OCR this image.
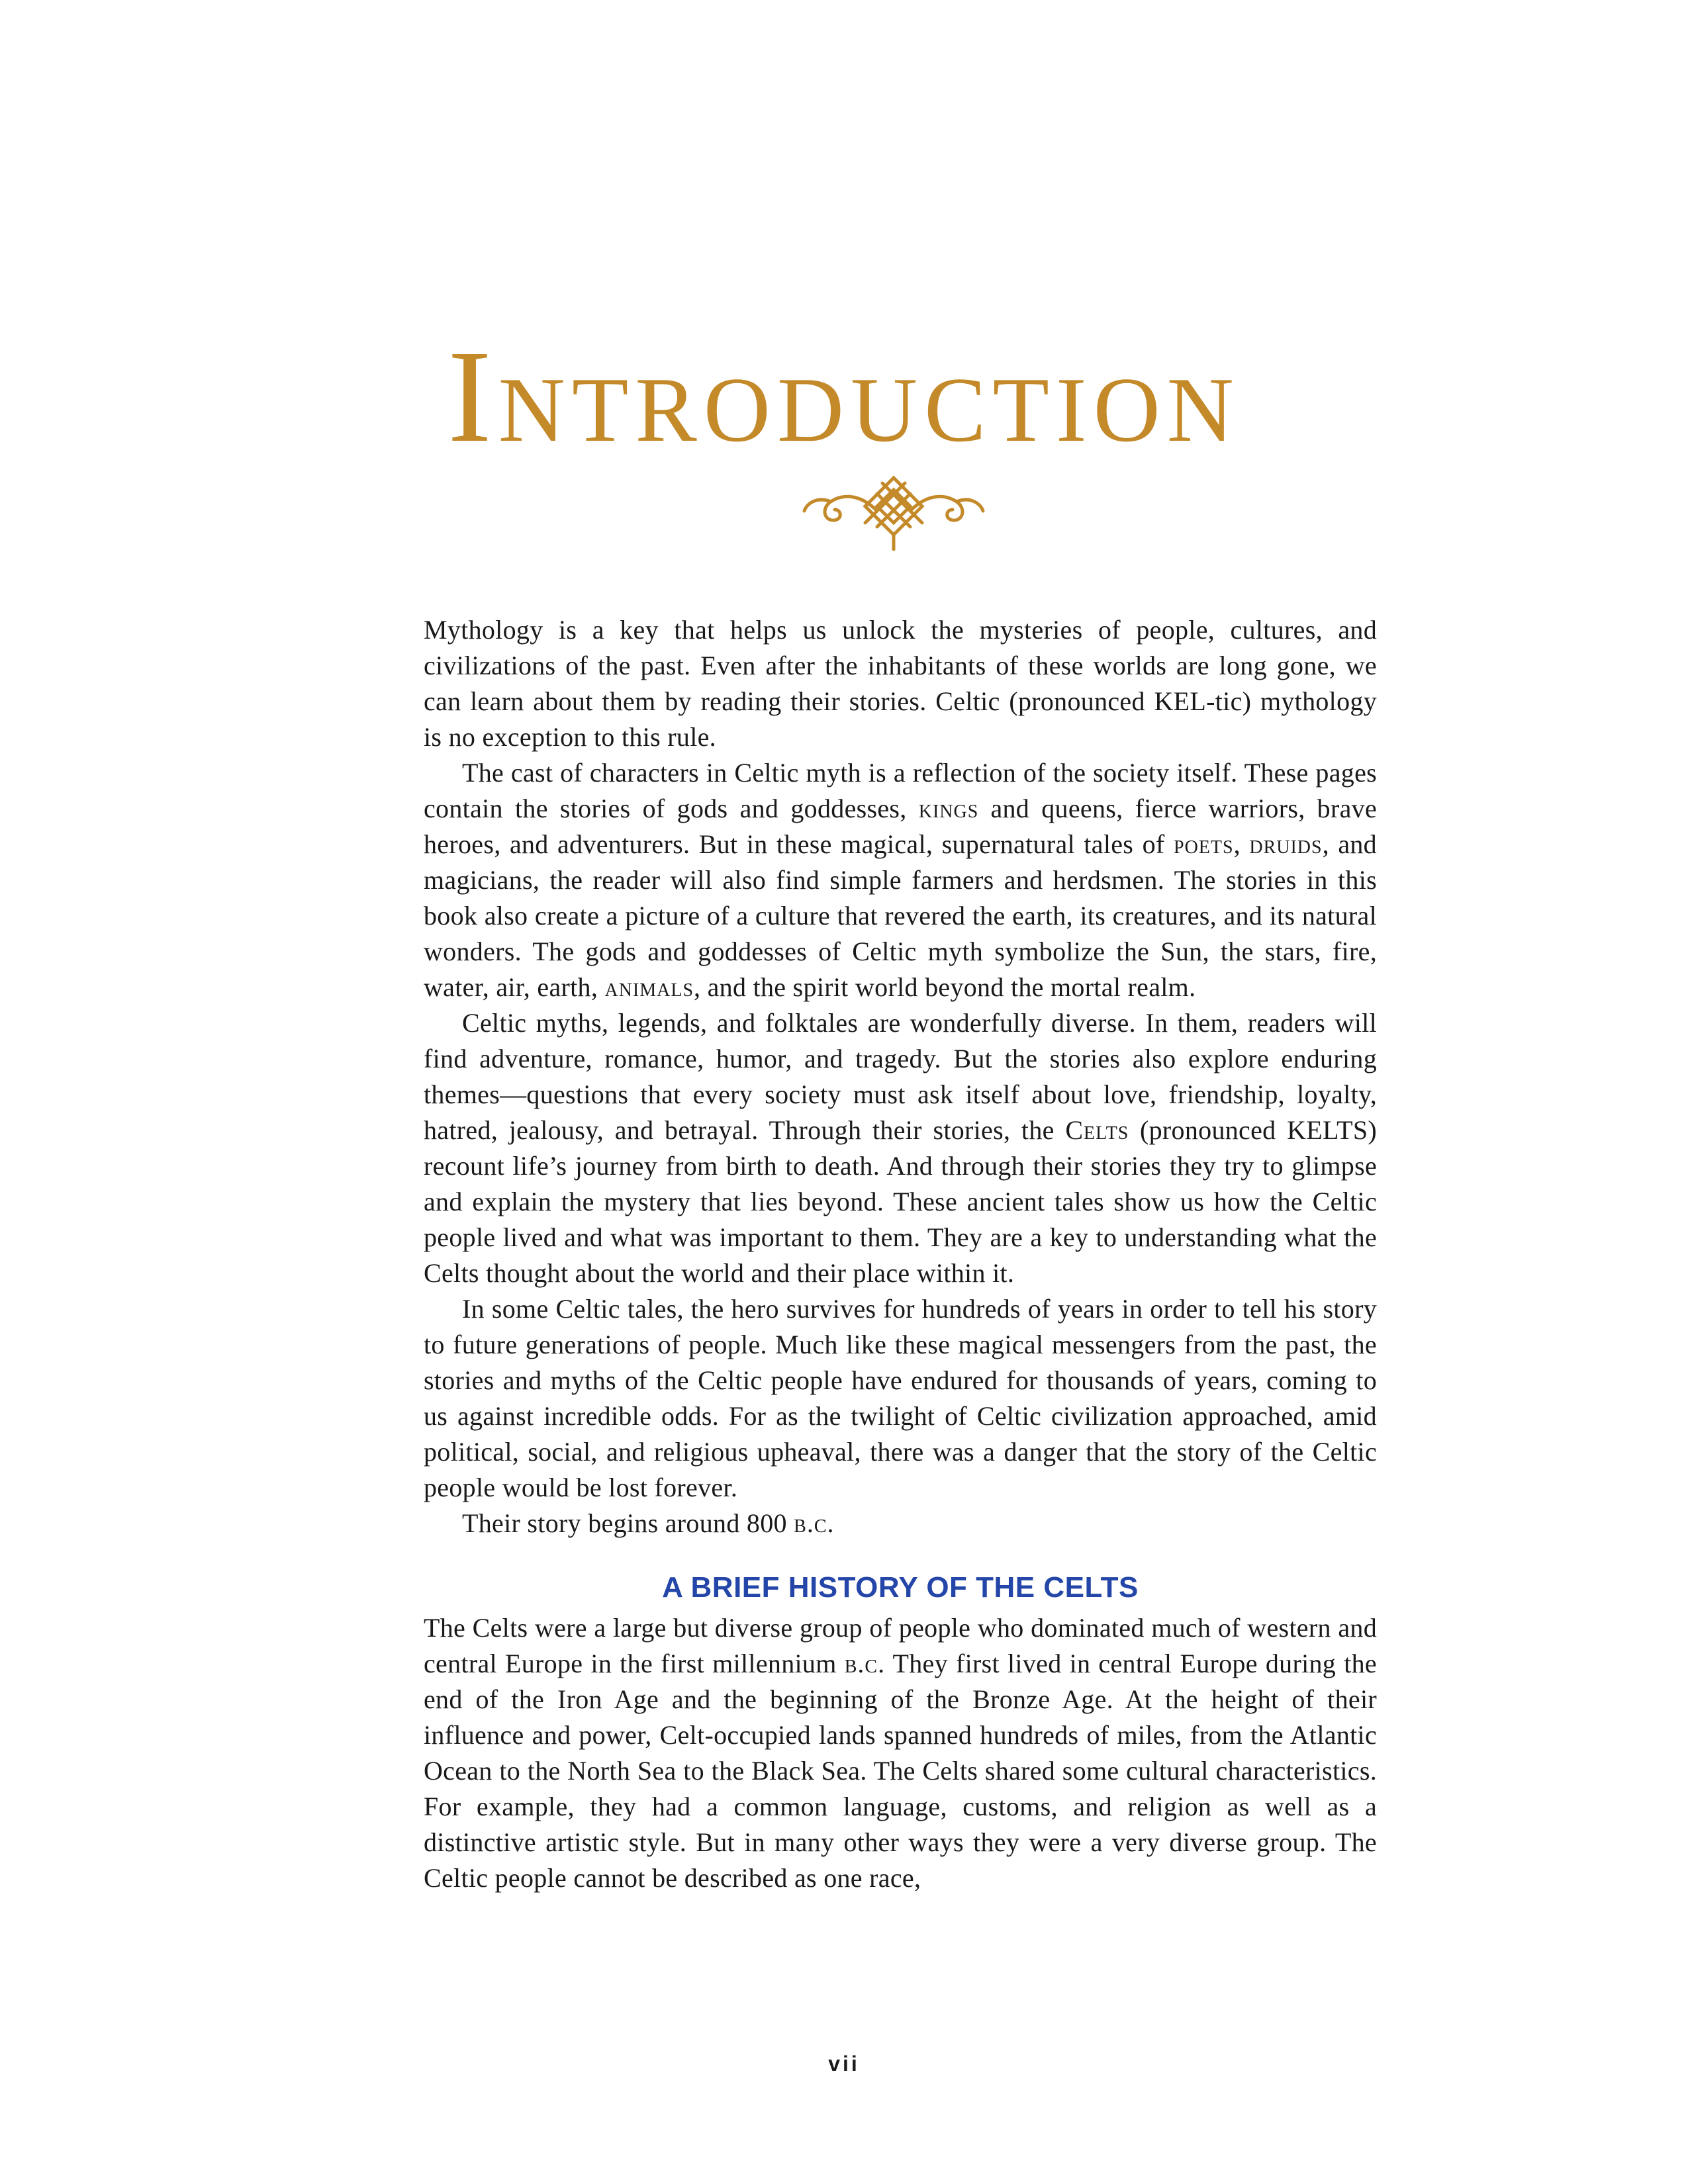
Introduction

Mythology is a key that helps us unlock the mysteries of people, cultures, and civilizations of the past. Even after the inhabitants of these worlds are long gone, we can learn about them by reading their stories. Celtic (pronounced KEL-tic) mythology is no exception to this rule.

The cast of characters in Celtic myth is a reflection of the society itself. These pages contain the stories of gods and goddesses, kings and queens, fierce warriors, brave heroes, and adventurers. But in these magical, supernatural tales of poets, druids, and magicians, the reader will also find simple farmers and herdsmen. The stories in this book also create a picture of a culture that revered the earth, its creatures, and its natural wonders. The gods and goddesses of Celtic myth symbolize the Sun, the stars, fire, water, air, earth, animals, and the spirit world beyond the mortal realm.

Celtic myths, legends, and folktales are wonderfully diverse. In them, readers will find adventure, romance, humor, and tragedy. But the stories also explore enduring themes—questions that every society must ask itself about love, friendship, loyalty, hatred, jealousy, and betrayal. Through their stories, the Celts (pronounced KELTS) recount life’s journey from birth to death. And through their stories they try to glimpse and explain the mystery that lies beyond. These ancient tales show us how the Celtic people lived and what was important to them. They are a key to understanding what the Celts thought about the world and their place within it.

In some Celtic tales, the hero survives for hundreds of years in order to tell his story to future generations of people. Much like these magical messengers from the past, the stories and myths of the Celtic people have endured for thousands of years, coming to us against incredible odds. For as the twilight of Celtic civilization approached, amid political, social, and religious upheaval, there was a danger that the story of the Celtic people would be lost forever.

Their story begins around 800 b.c.

A BRIEF HISTORY OF THE CELTS

The Celts were a large but diverse group of people who dominated much of western and central Europe in the first millennium b.c. They first lived in central Europe during the end of the Iron Age and the beginning of the Bronze Age. At the height of their influence and power, Celt-occupied lands spanned hundreds of miles, from the Atlantic Ocean to the North Sea to the Black Sea. The Celts shared some cultural characteristics. For example, they had a common language, customs, and religion as well as a distinctive artistic style. But in many other ways they were a very diverse group. The Celtic people cannot be described as one race,

vii
